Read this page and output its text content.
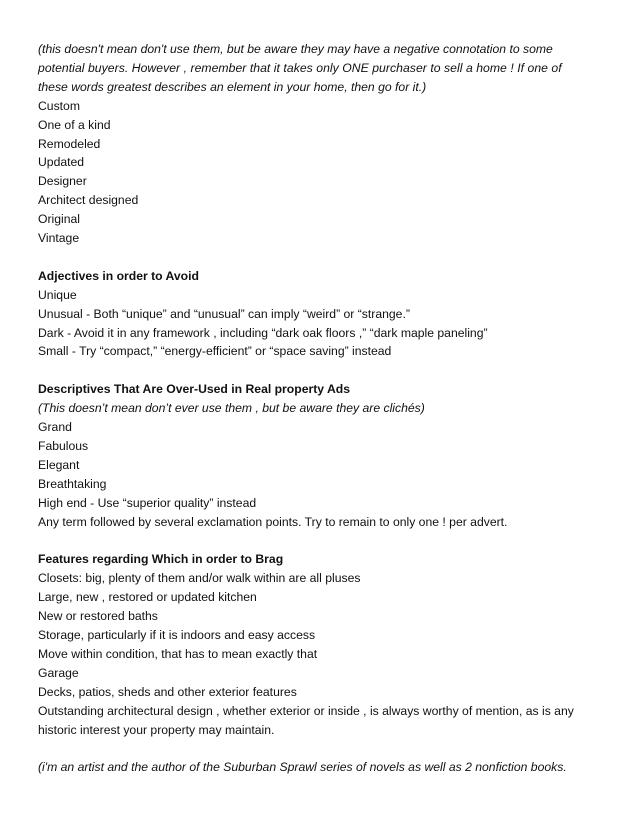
(this doesn't mean don't use them, but be aware they may have a negative connotation to some

potential buyers. However , remember that it takes only ONE purchaser to sell a home ! If one of

these words greatest describes an element in your home, then go for it.)

Custom

One of a kind

Remodeled

Updated

Designer

Architect designed

Original

Vintage

Adjectives in order to Avoid

Unique

Unusual - Both “unique” and “unusual” can imply “weird” or “strange.”

Dark - Avoid it in any framework , including “dark oak floors ,” “dark maple paneling”

Small - Try “compact,” “energy-efficient” or “space saving” instead

Descriptives That Are Over-Used in Real property Ads

(This doesn’t mean don’t ever use them , but be aware they are clichés)

Grand

Fabulous

Elegant

Breathtaking

High end - Use “superior quality” instead

Any term followed by several exclamation points. Try to remain to only one ! per advert.

Features regarding Which in order to Brag

Closets: big, plenty of them and/or walk within are all pluses

Large, new , restored or updated kitchen

New or restored baths

Storage, particularly if it is indoors and easy access

Move within condition, that has to mean exactly that

Garage

Decks, patios, sheds and other exterior features

Outstanding architectural design , whether exterior or inside , is always worthy of mention, as is any

historic interest your property may maintain.

(i'm an artist and the author of the Suburban Sprawl series of novels as well as 2 nonfiction books.
